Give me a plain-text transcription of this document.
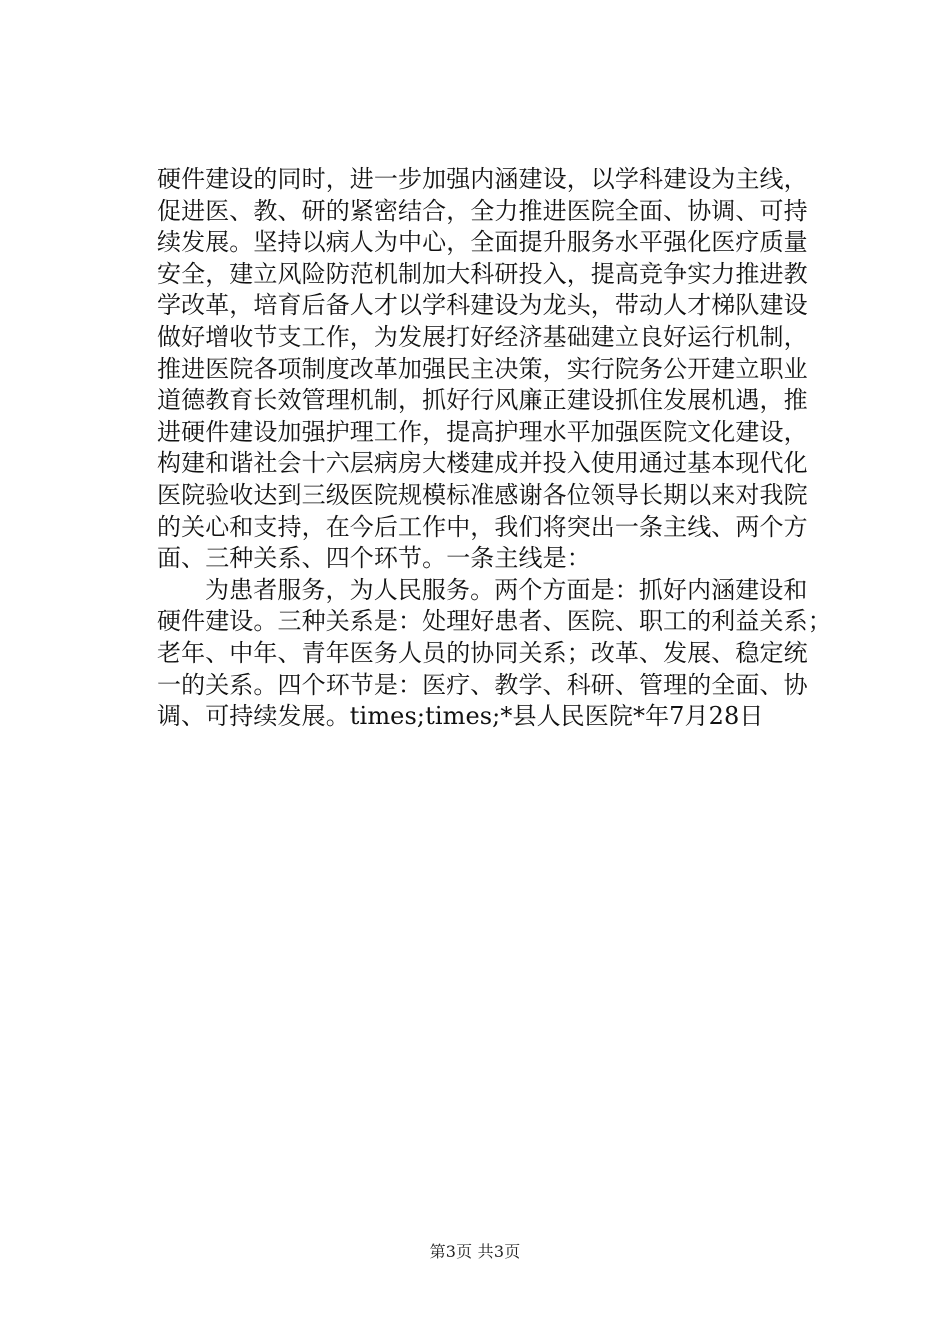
硬件建设的同时，进一步加强内涵建设，以学科建设为主线，
促进医、教、研的紧密结合，全力推进医院全面、协调、可持
续发展。坚持以病人为中心，全面提升服务水平强化医疗质量
安全，建立风险防范机制加大科研投入，提高竞争实力推进教
学改革，培育后备人才以学科建设为龙头，带动人才梯队建设
做好增收节支工作，为发展打好经济基础建立良好运行机制，
推进医院各项制度改革加强民主决策，实行院务公开建立职业
道德教育长效管理机制，抓好行风廉正建设抓住发展机遇，推
进硬件建设加强护理工作，提高护理水平加强医院文化建设，
构建和谐社会十六层病房大楼建成并投入使用通过基本现代化
医院验收达到三级医院规模标准感谢各位领导长期以来对我院
的关心和支持，在今后工作中，我们将突出一条主线、两个方
面、三种关系、四个环节。一条主线是：
为患者服务，为人民服务。两个方面是：抓好内涵建设和
硬件建设。三种关系是：处理好患者、医院、职工的利益关系；
老年、中年、青年医务人员的协同关系；改革、发展、稳定统
一的关系。四个环节是：医疗、教学、科研、管理的全面、协
调、可持续发展。times;times;*县人民医院*年7月28日
第3页 共3页
